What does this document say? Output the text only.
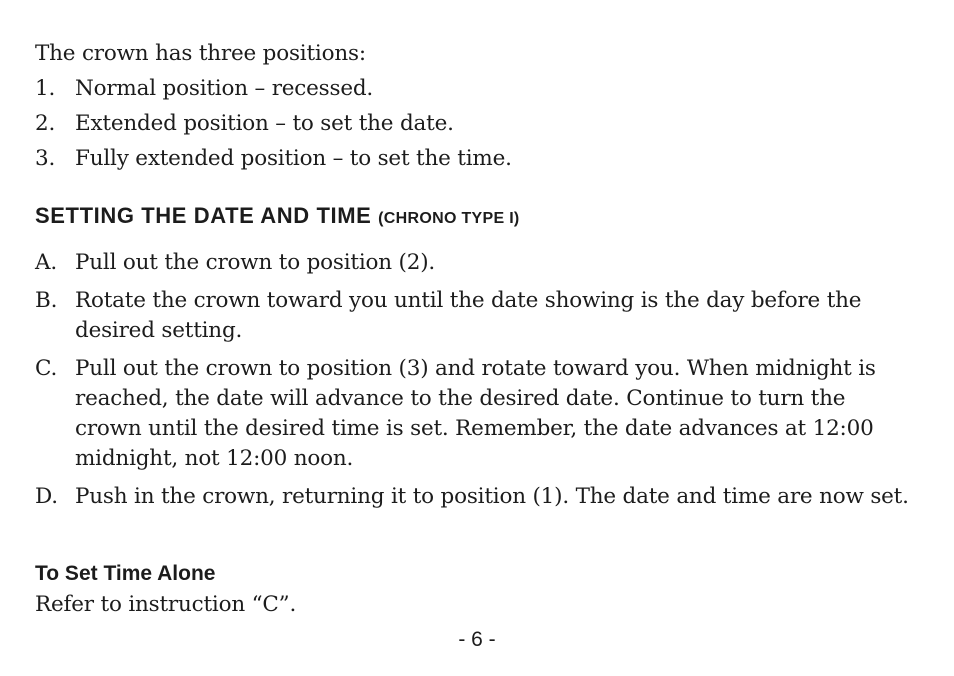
The crown has three positions:
1. Normal position – recessed.
2. Extended position – to set the date.
3. Fully extended position – to set the time.
SETTING THE DATE AND TIME (CHRONO TYPE I)
A. Pull out the crown to position (2).
B. Rotate the crown toward you until the date showing is the day before the desired setting.
C. Pull out the crown to position (3) and rotate toward you. When midnight is reached, the date will advance to the desired date. Continue to turn the crown until the desired time is set. Remember, the date advances at 12:00 midnight, not 12:00 noon.
D. Push in the crown, returning it to position (1). The date and time are now set.
To Set Time Alone
Refer to instruction “C”.
- 6 -
